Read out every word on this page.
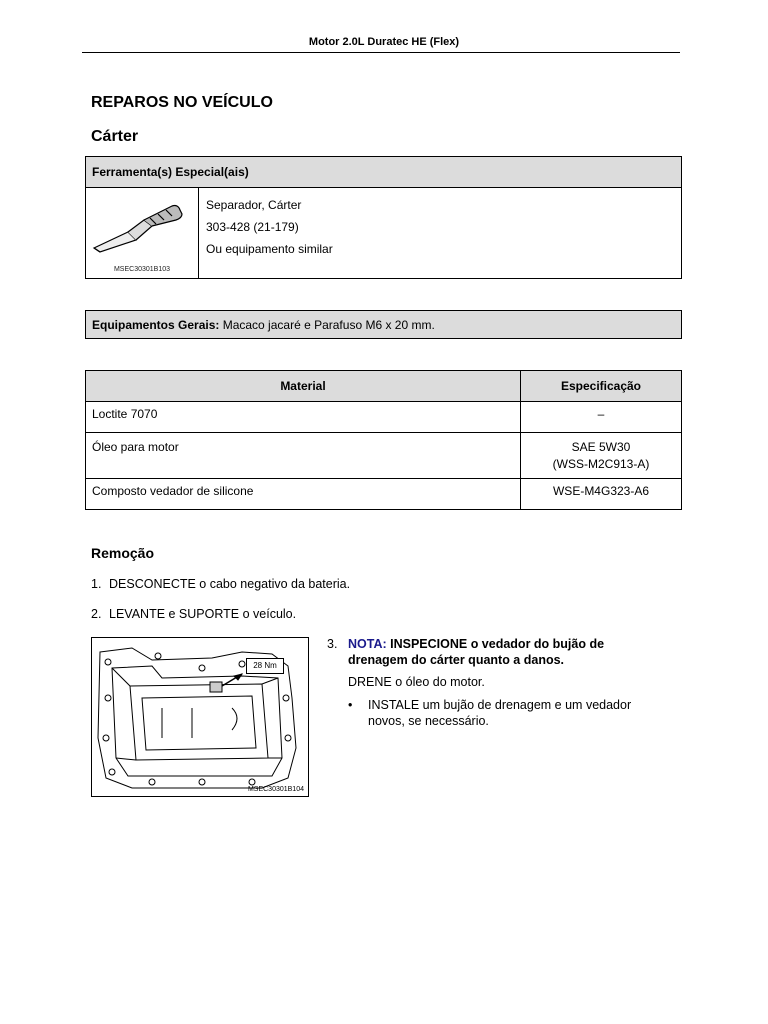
Motor 2.0L Duratec HE (Flex)
REPAROS NO VEÍCULO
Cárter
Ferramenta(s) Especial(ais)

MSEC30301B103

Separador, Cárter
303-428 (21-179)
Ou equipamento similar
Equipamentos Gerais: Macaco jacaré e Parafuso M6 x 20 mm.
Material	Especificação
Loctite 7070	–
Óleo para motor	SAE 5W30
(WSS-M2C913-A)

Composto vedador de silicone	WSE-M4G323-A6
Remoção
1. DESCONECTE o cabo negativo da bateria.
2. LEVANTE e SUPORTE o veículo.
28 Nm
MSEC30301B104
3. NOTA: INSPECIONE o vedador do bujão de drenagem do cárter quanto a danos.
DRENE o óleo do motor.
• INSTALE um bujão de drenagem e um vedador novos, se necessário.
